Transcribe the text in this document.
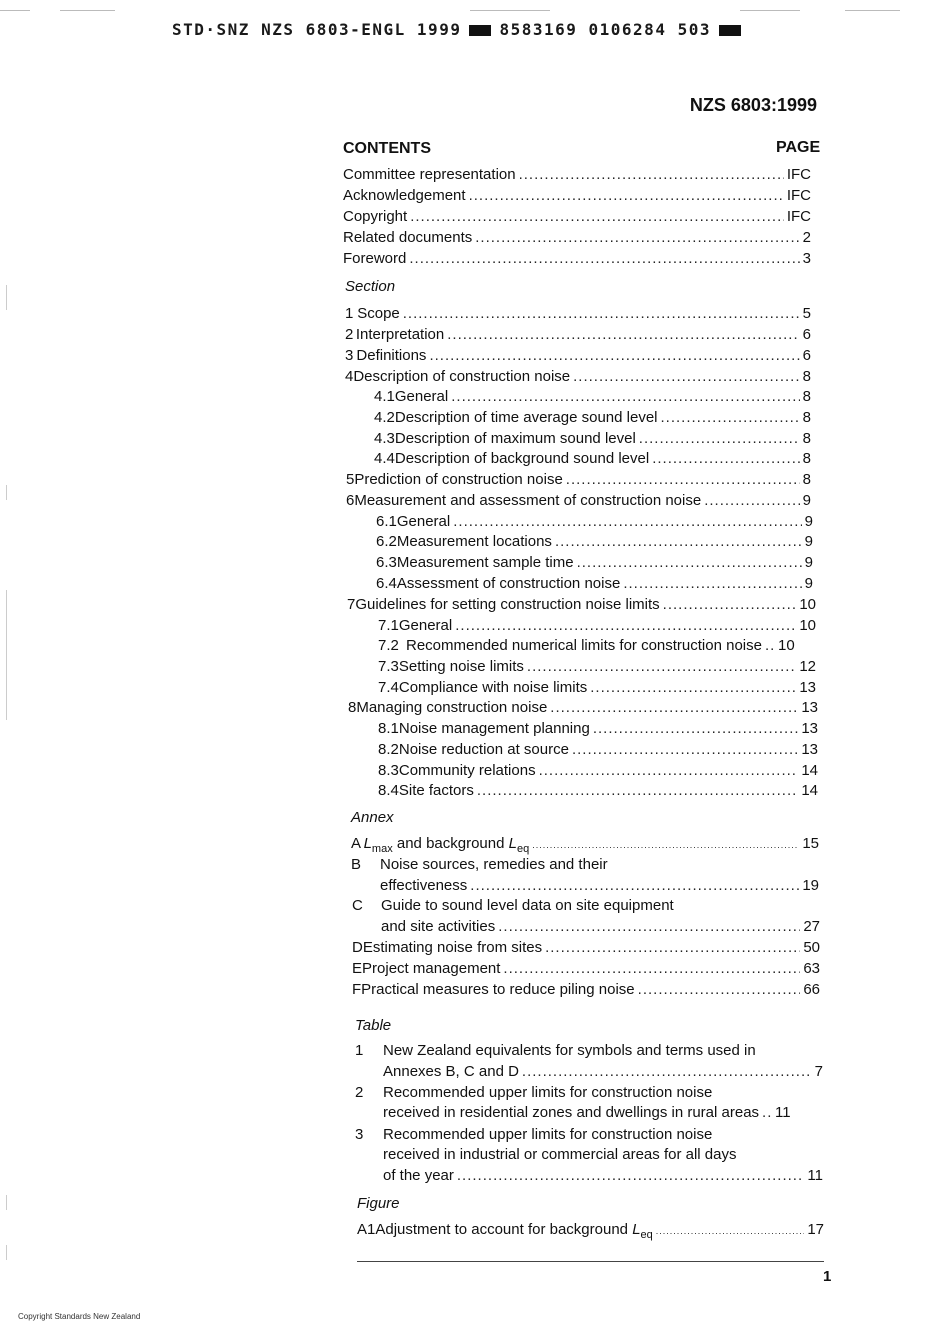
STD·SNZ NZS 6803-ENGL 1999 8583169 0106284 503
NZS 6803:1999
CONTENTS	PAGE
Committee representation .....	IFC
Acknowledgement .....	IFC
Copyright .....	IFC
Related documents .....	2
Foreword .....	3
Section
1 Scope .....	5
2 Interpretation .....	6
3 Definitions .....	6
4 Description of construction noise .....	8
4.1 General .....	8
4.2 Description of time average sound level .....	8
4.3 Description of maximum sound level .....	8
4.4 Description of background sound level .....	8
5 Prediction of construction noise .....	8
6 Measurement and assessment of construction noise .....	9
6.1 General .....	9
6.2 Measurement locations .....	9
6.3 Measurement sample time .....	9
6.4 Assessment of construction noise .....	9
7 Guidelines for setting construction noise limits .....	10
7.1 General .....	10
7.2 Recommended numerical limits for construction noise ..... 10
7.3 Setting noise limits .....	12
7.4 Compliance with noise limits .....	13
8 Managing construction noise .....	13
8.1 Noise management planning .....	13
8.2 Noise reduction at source .....	13
8.3 Community relations .....	14
8.4 Site factors .....	14
Annex
A $L_{max}$ and background $L_{eq}$ .....	15
B Noise sources, remedies and their
effectiveness .....	19
C Guide to sound level data on site equipment
and site activities .....	27
D Estimating noise from sites .....	50
E Project management .....	63
F Practical measures to reduce piling noise .....	66
Table
1 New Zealand equivalents for symbols and terms used in
Annexes B, C and D .....	7
2 Recommended upper limits for construction noise
received in residential zones and dwellings in rural areas ..... 11
3 Recommended upper limits for construction noise
received in industrial or commercial areas for all days
of the year .....	11
Figure
A1 Adjustment to account for background $L_{eq}$ .....	17
1
Copyright Standards New Zealand
